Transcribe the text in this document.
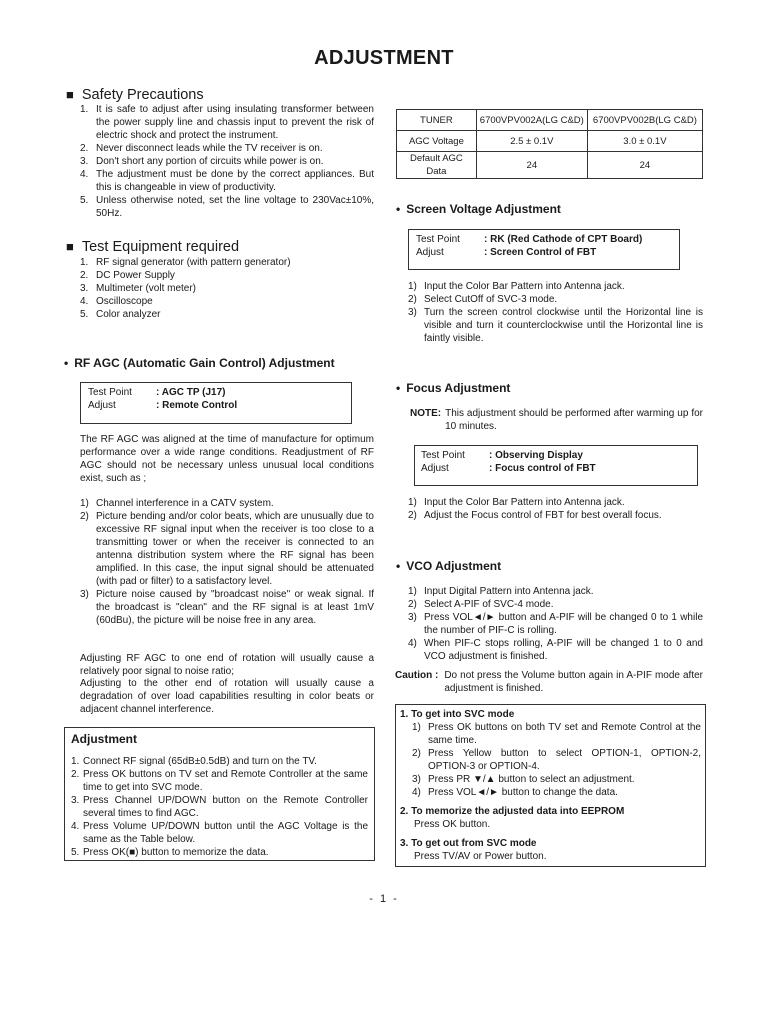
ADJUSTMENT
■ Safety Precautions
1. It is safe to adjust after using insulating transformer between the power supply line and chassis input to prevent the risk of electric shock and protect the instrument.
2. Never disconnect leads while the TV receiver is on.
3. Don't short any portion of circuits while power is on.
4. The adjustment must be done by the correct appliances. But this is changeable in view of productivity.
5. Unless otherwise noted, set the line voltage to 230Vac±10%, 50Hz.
■ Test Equipment required
1. RF signal generator (with pattern generator)
2. DC Power Supply
3. Multimeter (volt meter)
4. Oscilloscope
5. Color analyzer
• RF AGC (Automatic Gain Control) Adjustment
Test Point	: AGC TP (J17)
Adjust	: Remote Control

The RF AGC was aligned at the time of manufacture for optimum performance over a wide range conditions. Readjustment of RF AGC should not be necessary unless unusual local conditions exist, such as ;

1) Channel interference in a CATV system.
2) Picture bending and/or color beats, which are unusually due to excessive RF signal input when the receiver is too close to a transmitting tower or when the receiver is connected to an antenna distribution system where the RF signal has been amplified. In this case, the input signal should be attenuated (with pad or filter) to a satisfactory level.
3) Picture noise caused by "broadcast noise" or weak signal. If the broadcast is "clean" and the RF signal is at least 1mV (60dBu), the picture will be noise free in any area.

Adjusting RF AGC to one end of rotation will usually cause a relatively poor signal to noise ratio;

Adjusting to the other end of rotation will usually cause a degradation of over load capabilities resulting in color beats or adjacent channel interference.

Adjustment
1. Connect RF signal (65dB±0.5dB) and turn on the TV.
2. Press OK buttons on TV set and Remote Controller at the same time to get into SVC mode.
3. Press Channel UP/DOWN button on the Remote Controller several times to find AGC.
4. Press Volume UP/DOWN button until the AGC Voltage is the same as the Table below.
5. Press OK(■) button to memorize the data.
TUNER	6700VPV002A(LG C&D)	6700VPV002B(LG C&D)
AGC Voltage	2.5 ± 0.1V	3.0 ± 0.1V
Default AGC Data	24	24
• Screen Voltage Adjustment
Test Point	: RK (Red Cathode of CPT Board)
Adjust	: Screen Control of FBT
1) Input the Color Bar Pattern into Antenna jack.
2) Select CutOff of SVC-3 mode.
3) Turn the screen control clockwise until the Horizontal line is visible and turn it counterclockwise until the Horizontal line is faintly visible.
• Focus Adjustment
NOTE: This adjustment should be performed after warming up for 10 minutes.
Test Point	: Observing Display
Adjust	: Focus control of FBT
1) Input the Color Bar Pattern into Antenna jack.
2) Adjust the Focus control of FBT for best overall focus.
• VCO Adjustment
1) Input Digital Pattern into Antenna jack.
2) Select A-PIF of SVC-4 mode.
3) Press VOL◄/► button and A-PIF will be changed 0 to 1 while the number of PIF-C is rolling.
4) When PIF-C stops rolling, A-PIF will be changed 1 to 0 and VCO adjustment is finished.
Caution : Do not press the Volume button again in A-PIF mode after adjustment is finished.
1. To get into SVC mode
1) Press OK buttons on both TV set and Remote Control at the same time.
2) Press Yellow button to select OPTION-1, OPTION-2, OPTION-3 or OPTION-4.
3) Press PR ▼/▲ button to select an adjustment.
4) Press VOL◄/► button to change the data.
2. To memorize the adjusted data into EEPROM
Press OK button.
3. To get out from SVC mode
Press TV/AV or Power button.
- 1 -
